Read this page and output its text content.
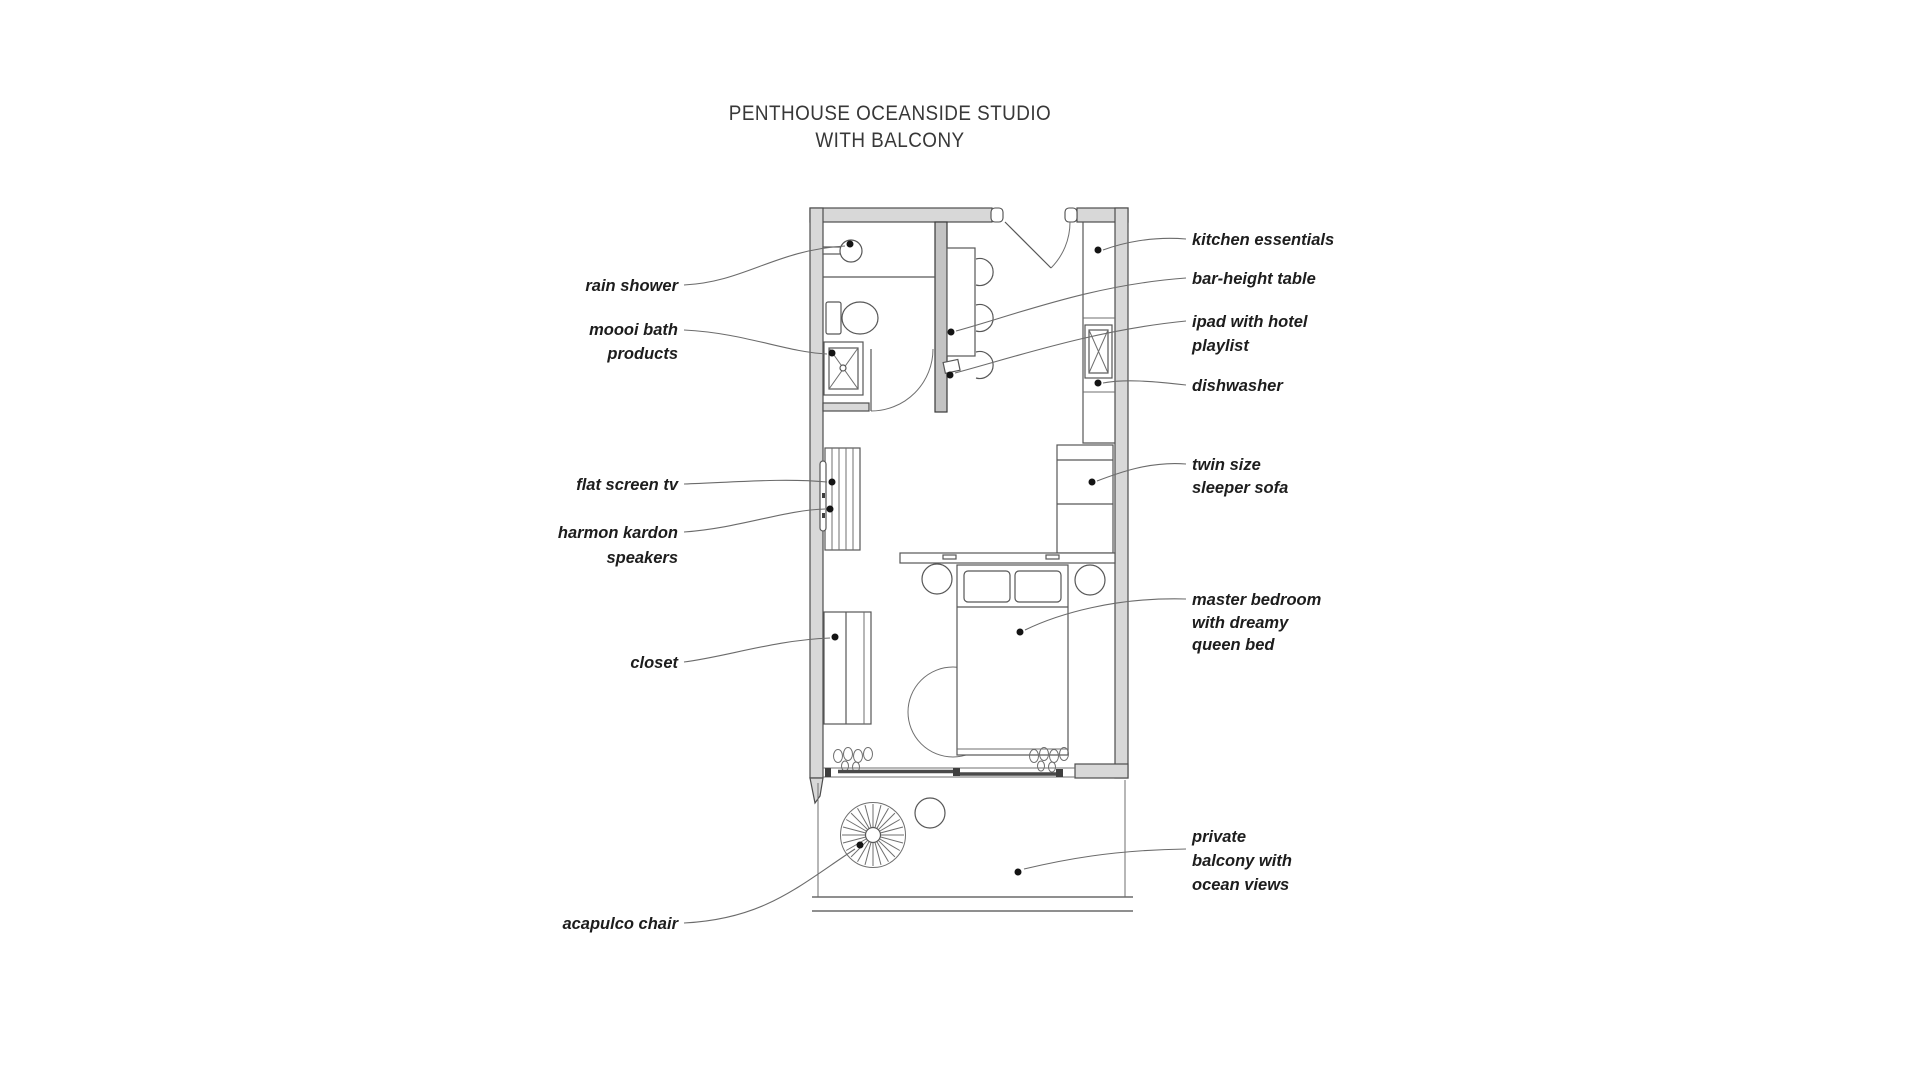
PENTHOUSE OCEANSIDE STUDIO
WITH BALCONY
rain shower
moooi bath
products
flat screen tv
harmon kardon
speakers
closet
acapulco chair
kitchen essentials
bar-height table
ipad with hotel
playlist
dishwasher
twin size
sleeper sofa
master bedroom
with dreamy
queen bed
private
balcony with
ocean views
